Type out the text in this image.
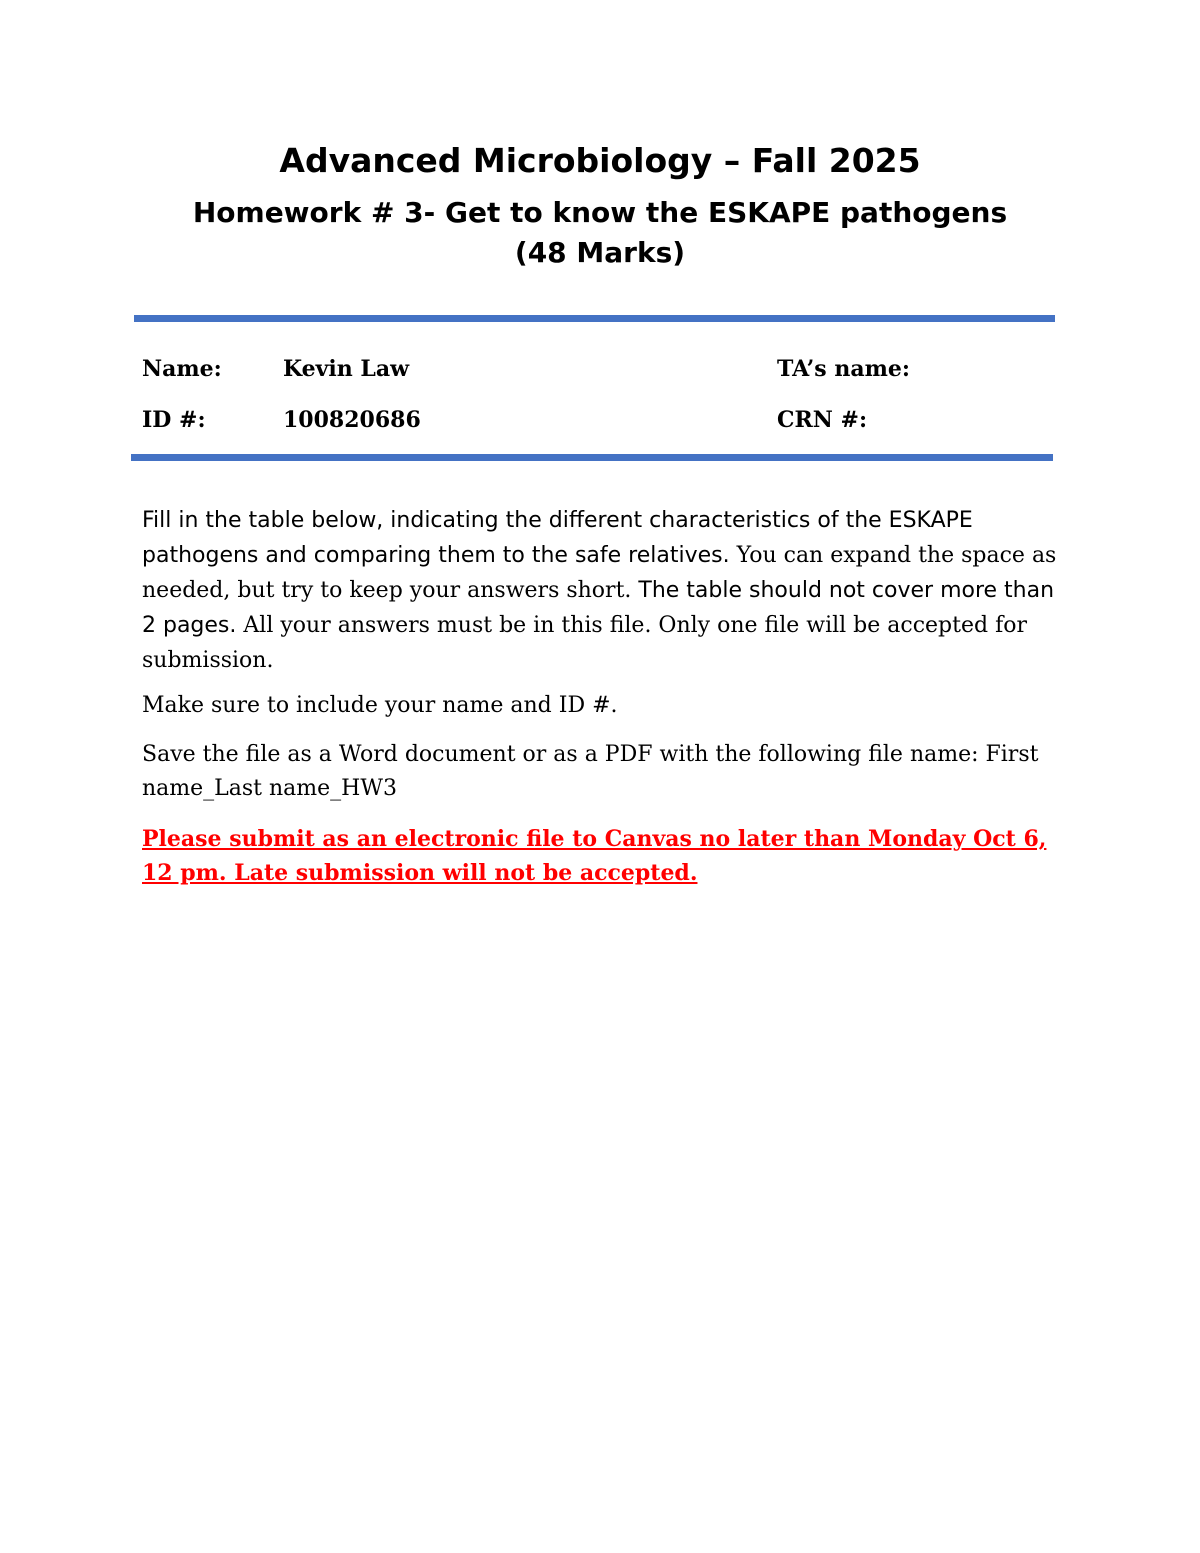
Advanced Microbiology – Fall 2025
Homework # 3- Get to know the ESKAPE pathogens
(48 Marks)
Name:	Kevin Law	TA’s name:
ID #:	100820686	CRN #:

Fill in the table below, indicating the different characteristics of the ESKAPE pathogens and comparing them to the safe relatives. You can expand the space as needed, but try to keep your answers short. The table should not cover more than 2 pages. All your answers must be in this file. Only one file will be accepted for submission.

Make sure to include your name and ID #.

Save the file as a Word document or as a PDF with the following file name: First name_Last name_HW3

Please submit as an electronic file to Canvas no later than Monday Oct 6, 12 pm. Late submission will not be accepted.
